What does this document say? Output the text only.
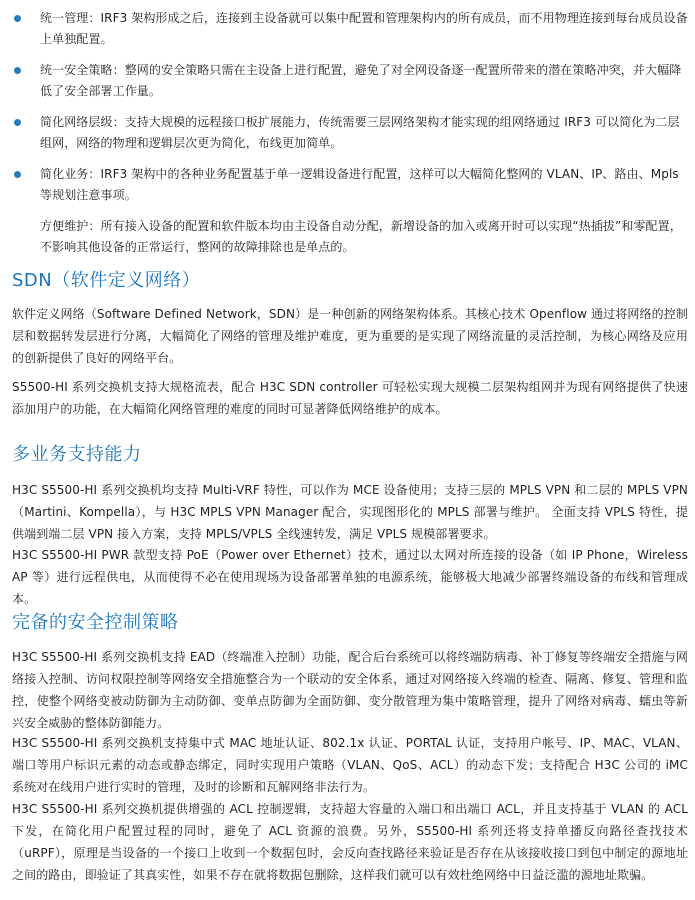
统一管理：IRF3 架构形成之后，连接到主设备就可以集中配置和管理架构内的所有成员，而不用物理连接到每台成员设备上单独配置。
统一安全策略：整网的安全策略只需在主设备上进行配置，避免了对全网设备逐一配置所带来的潜在策略冲突，并大幅降低了安全部署工作量。
简化网络层级：支持大规模的远程接口板扩展能力，传统需要三层网络架构才能实现的组网络通过 IRF3 可以简化为二层组网，网络的物理和逻辑层次更为简化，布线更加简单。
简化业务：IRF3 架构中的各种业务配置基于单一逻辑设备进行配置，这样可以大幅简化整网的 VLAN、IP、路由、Mpls 等规划注意事项。
方便维护：所有接入设备的配置和软件版本均由主设备自动分配，新增设备的加入或离开时可以实现“热插拔”和零配置，不影响其他设备的正常运行，整网的故障排除也是单点的。
SDN（软件定义网络）

软件定义网络（Software Defined Network，SDN）是一种创新的网络架构体系。其核心技术 Openflow 通过将网络的控制层和数据转发层进行分离，大幅简化了网络的管理及维护难度，更为重要的是实现了网络流量的灵活控制，为核心网络及应用的创新提供了良好的网络平台。

S5500-HI 系列交换机支持大规格流表，配合 H3C SDN controller 可轻松实现大规模二层架构组网并为现有网络提供了快速添加用户的功能，在大幅简化网络管理的难度的同时可显著降低网络维护的成本。

多业务支持能力

H3C S5500-HI 系列交换机均支持 Multi-VRF 特性，可以作为 MCE 设备使用；支持三层的 MPLS VPN 和二层的 MPLS VPN（Martini、Kompella），与 H3C MPLS VPN Manager 配合，实现图形化的 MPLS 部署与维护。 全面支持 VPLS 特性，提供端到端二层 VPN 接入方案，支持 MPLS/VPLS 全线速转发，满足 VPLS 规模部署要求。

H3C S5500-HI PWR 款型支持 PoE（Power over Ethernet）技术，通过以太网对所连接的设备（如 IP Phone，Wireless AP 等）进行远程供电，从而使得不必在使用现场为设备部署单独的电源系统，能够极大地减少部署终端设备的布线和管理成本。

完备的安全控制策略

H3C S5500-HI 系列交换机支持 EAD（终端准入控制）功能，配合后台系统可以将终端防病毒、补丁修复等终端安全措施与网络接入控制、访问权限控制等网络安全措施整合为一个联动的安全体系，通过对网络接入终端的检查、隔离、修复、管理和监控，使整个网络变被动防御为主动防御、变单点防御为全面防御、变分散管理为集中策略管理，提升了网络对病毒、蠕虫等新兴安全威胁的整体防御能力。

H3C S5500-HI 系列交换机支持集中式 MAC 地址认证、802.1x 认证、PORTAL 认证，支持用户帐号、IP、MAC、VLAN、端口等用户标识元素的动态或静态绑定，同时实现用户策略（VLAN、QoS、ACL）的动态下发；支持配合 H3C 公司的 iMC 系统对在线用户进行实时的管理，及时的诊断和瓦解网络非法行为。

H3C S5500-HI 系列交换机提供增强的 ACL 控制逻辑，支持超大容量的入端口和出端口 ACL，并且支持基于 VLAN 的 ACL 下发，在简化用户配置过程的同时，避免了 ACL 资源的浪费。另外，S5500-HI 系列还将支持单播反向路径查找技术（uRPF），原理是当设备的一个接口上收到一个数据包时，会反向查找路径来验证是否存在从该接收接口到包中制定的源地址之间的路由，即验证了其真实性，如果不存在就将数据包删除，这样我们就可以有效杜绝网络中日益泛滥的源地址欺骗。
